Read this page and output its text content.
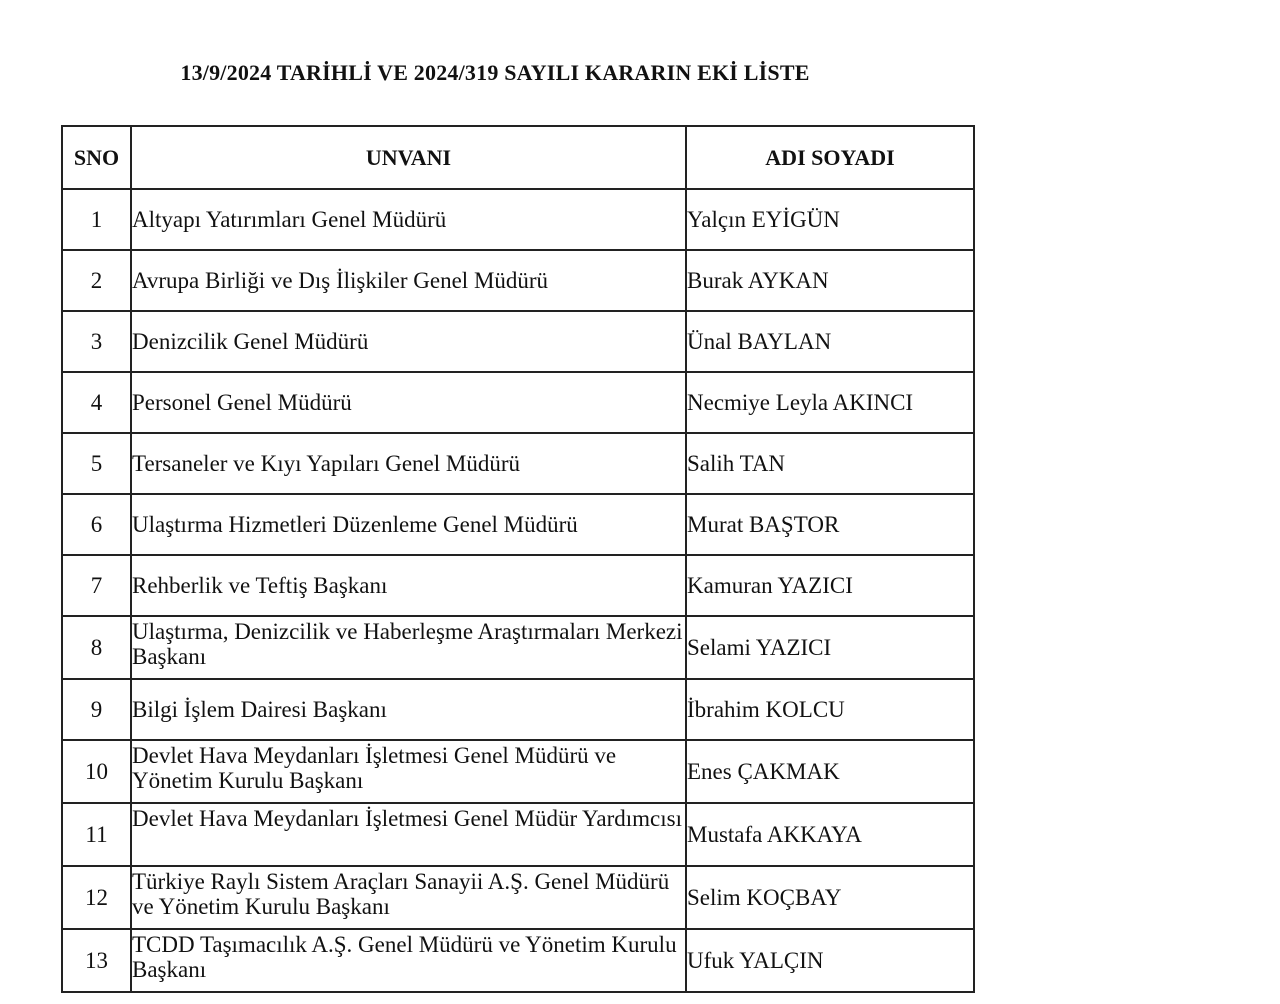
13/9/2024 TARİHLİ VE 2024/319 SAYILI KARARIN EKİ LİSTE
SNO	UNVANI	ADI SOYADI
1	Altyapı Yatırımları Genel Müdürü	Yalçın EYİGÜN
2	Avrupa Birliği ve Dış İlişkiler Genel Müdürü	Burak AYKAN
3	Denizcilik Genel Müdürü	Ünal BAYLAN
4	Personel Genel Müdürü	Necmiye Leyla AKINCI
5	Tersaneler ve Kıyı Yapıları Genel Müdürü	Salih TAN
6	Ulaştırma Hizmetleri Düzenleme Genel Müdürü	Murat BAŞTOR
7	Rehberlik ve Teftiş Başkanı	Kamuran YAZICI
8	Ulaştırma, Denizcilik ve Haberleşme Araştırmaları Merkezi Başkanı	Selami YAZICI
9	Bilgi İşlem Dairesi Başkanı	İbrahim KOLCU
10	Devlet Hava Meydanları İşletmesi Genel Müdürü ve Yönetim Kurulu Başkanı	Enes ÇAKMAK
11	Devlet Hava Meydanları İşletmesi Genel Müdür Yardımcısı	Mustafa AKKAYA
12	Türkiye Raylı Sistem Araçları Sanayii A.Ş. Genel Müdürü ve Yönetim Kurulu Başkanı	Selim KOÇBAY
13	TCDD Taşımacılık A.Ş. Genel Müdürü ve Yönetim Kurulu Başkanı	Ufuk YALÇIN
